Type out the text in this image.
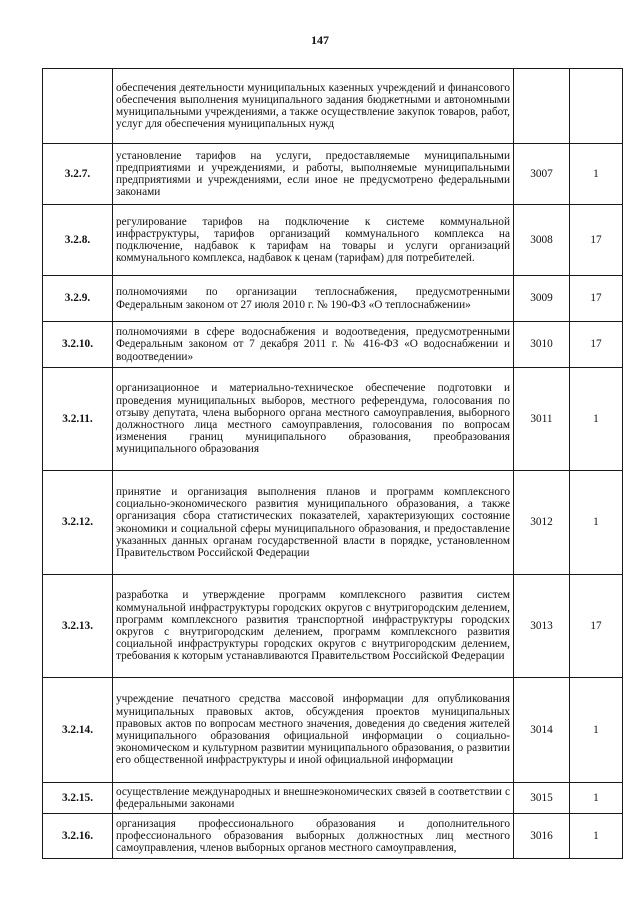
147
	обеспечения деятельности муниципальных казенных учреждений и финансового обеспечения выполнения муниципального задания бюджетными и автономными муниципальными учреждениями, а также осуществление закупок товаров, работ, услуг для обеспечения муниципальных нужд		
3.2.7.	установление тарифов на услуги, предоставляемые муниципальными предприятиями и учреждениями, и работы, выполняемые муниципальными предприятиями и учреждениями, если иное не предусмотрено федеральными законами	3007	1
3.2.8.	регулирование тарифов на подключение к системе коммунальной инфраструктуры, тарифов организаций коммунального комплекса на подключение, надбавок к тарифам на товары и услуги организаций коммунального комплекса, надбавок к ценам (тарифам) для потребителей.	3008	17
3.2.9.	полномочиями по организации теплоснабжения, предусмотренными Федеральным законом от 27 июля 2010 г. № 190-ФЗ «О теплоснабжении»	3009	17
3.2.10.	полномочиями в сфере водоснабжения и водоотведения, предусмотренными Федеральным законом от 7 декабря 2011 г. № 416-ФЗ «О водоснабжении и водоотведении»	3010	17
3.2.11.	организационное и материально-техническое обеспечение подготовки и проведения муниципальных выборов, местного референдума, голосования по отзыву депутата, члена выборного органа местного самоуправления, выборного должностного лица местного самоуправления, голосования по вопросам изменения границ муниципального образования, преобразования муниципального образования	3011	1
3.2.12.	принятие и организация выполнения планов и программ комплексного социально-экономического развития муниципального образования, а также организация сбора статистических показателей, характеризующих состояние экономики и социальной сферы муниципального образования, и предоставление указанных данных органам государственной власти в порядке, установленном Правительством Российской Федерации	3012	1
3.2.13.	разработка и утверждение программ комплексного развития систем коммунальной инфраструктуры городских округов с внутригородским делением, программ комплексного развития транспортной инфраструктуры городских округов с внутригородским делением, программ комплексного развития социальной инфраструктуры городских округов с внутригородским делением, требования к которым устанавливаются Правительством Российской Федерации	3013	17
3.2.14.	учреждение печатного средства массовой информации для опубликования муниципальных правовых актов, обсуждения проектов муниципальных правовых актов по вопросам местного значения, доведения до сведения жителей муниципального образования официальной информации о социально-экономическом и культурном развитии муниципального образования, о развитии его общественной инфраструктуры и иной официальной информации	3014	1
3.2.15.	осуществление международных и внешнеэкономических связей в соответствии с федеральными законами	3015	1
3.2.16.	организация профессионального образования и дополнительного профессионального образования выборных должностных лиц местного самоуправления, членов выборных органов местного самоуправления,	3016	1
